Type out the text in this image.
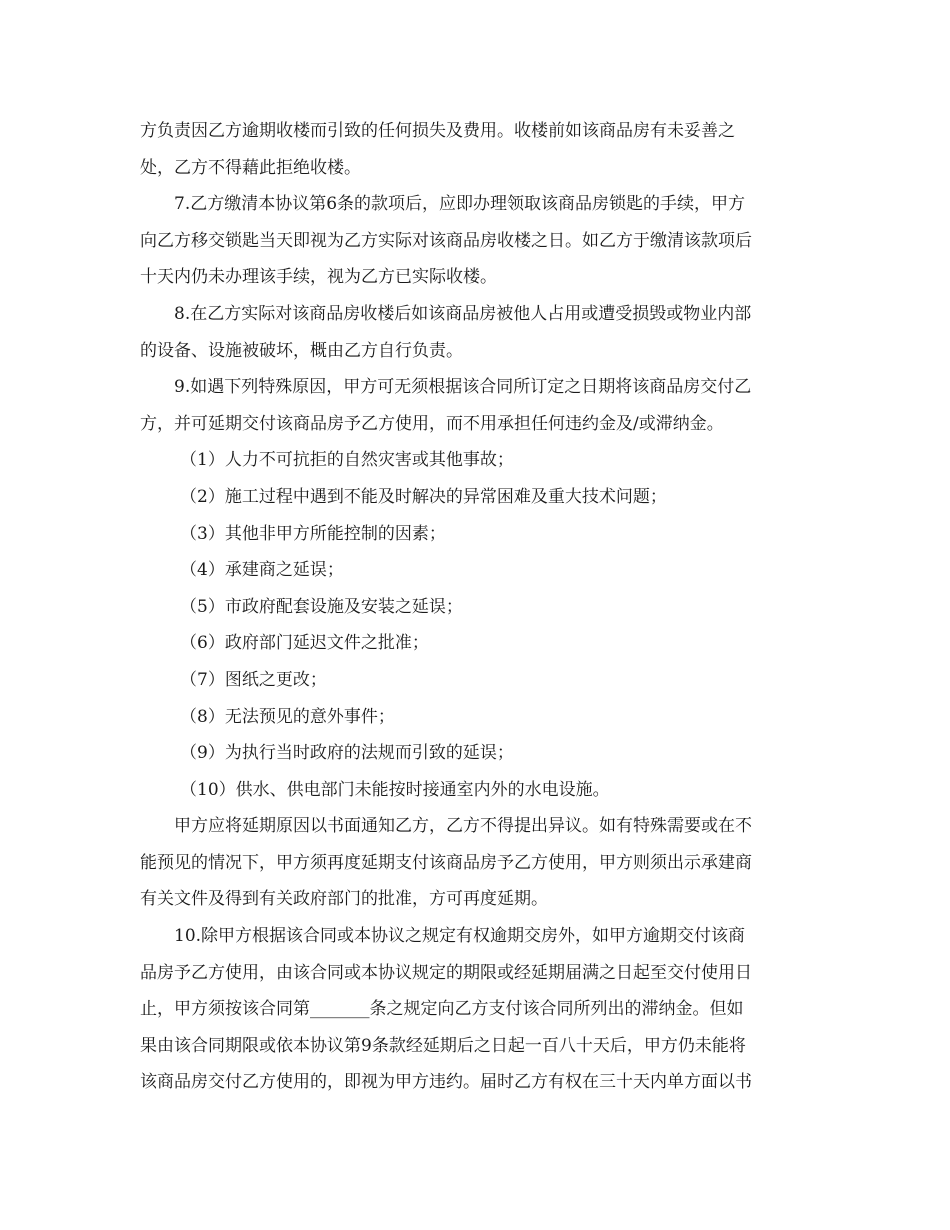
方负责因乙方逾期收楼而引致的任何损失及费用。收楼前如该商品房有未妥善之
处，乙方不得藉此拒绝收楼。
7.乙方缴清本协议第6条的款项后，应即办理领取该商品房锁匙的手续，甲方
向乙方移交锁匙当天即视为乙方实际对该商品房收楼之日。如乙方于缴清该款项后
十天内仍未办理该手续，视为乙方已实际收楼。
8.在乙方实际对该商品房收楼后如该商品房被他人占用或遭受损毁或物业内部
的设备、设施被破坏，概由乙方自行负责。
9.如遇下列特殊原因，甲方可无须根据该合同所订定之日期将该商品房交付乙
方，并可延期交付该商品房予乙方使用，而不用承担任何违约金及/或滞纳金。
（1）人力不可抗拒的自然灾害或其他事故；
（2）施工过程中遇到不能及时解决的异常困难及重大技术问题；
（3）其他非甲方所能控制的因素；
（4）承建商之延误；
（5）市政府配套设施及安装之延误；
（6）政府部门延迟文件之批准；
（7）图纸之更改；
（8）无法预见的意外事件；
（9）为执行当时政府的法规而引致的延误；
（10）供水、供电部门未能按时接通室内外的水电设施。
甲方应将延期原因以书面通知乙方，乙方不得提出异议。如有特殊需要或在不
能预见的情况下，甲方须再度延期支付该商品房予乙方使用，甲方则须出示承建商
有关文件及得到有关政府部门的批准，方可再度延期。
10.除甲方根据该合同或本协议之规定有权逾期交房外，如甲方逾期交付该商
品房予乙方使用，由该合同或本协议规定的期限或经延期届满之日起至交付使用日
止，甲方须按该合同第_______条之规定向乙方支付该合同所列出的滞纳金。但如
果由该合同期限或依本协议第9条款经延期后之日起一百八十天后，甲方仍未能将
该商品房交付乙方使用的，即视为甲方违约。届时乙方有权在三十天内单方面以书
